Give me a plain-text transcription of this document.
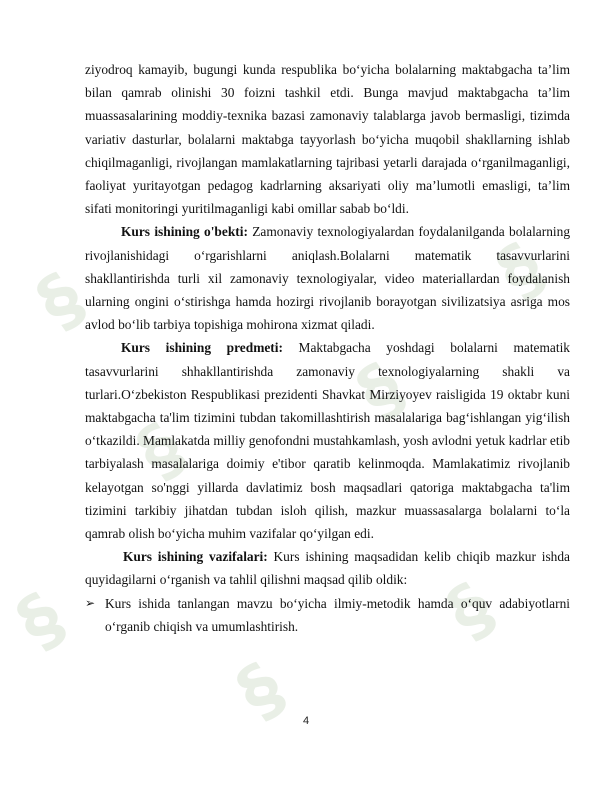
§
§
§
§
§
§
§

ziyodroq kamayib, bugungi kunda respublika bo‘yicha bolalarning maktabgacha ta’lim bilan qamrab olinishi 30 foizni tashkil etdi. Bunga mavjud maktabgacha ta’lim muassasalarining moddiy-texnika bazasi zamonaviy talablarga javob bermasligi, tizimda variativ dasturlar, bolalarni maktabga tayyorlash bo‘yicha muqobil shakllarning ishlab chiqilmaganligi, rivojlangan mamlakatlarning tajribasi yetarli darajada o‘rganilmaganligi, faoliyat yuritayotgan pedagog kadrlarning aksariyati oliy ma’lumotli emasligi, ta’lim sifati monitoringi yuritilmaganligi kabi omillar sabab bo‘ldi.

Kurs ishining o'bekti: Zamonaviy texnologiyalardan foydalanilganda bolalarning rivojlanishidagi o‘rgarishlarni aniqlash.Bolalarni matematik tasavvurlarini shakllantirishda turli xil zamonaviy texnologiyalar, video materiallardan foydalanish ularning ongini o‘stirishga hamda hozirgi rivojlanib borayotgan sivilizatsiya asriga mos avlod bo‘lib tarbiya topishiga mohirona xizmat qiladi.

Kurs ishining predmeti: Maktabgacha yoshdagi bolalarni matematik tasavvurlarini shhakllantirishda zamonaviy texnologiyalarning shakli va turlari.O‘zbekiston Respublikasi prezidenti Shavkat Mirziyoyev raisligida 19 oktabr kuni maktabgacha ta'lim tizimini tubdan takomillashtirish masalalariga bag‘ishlangan yig‘ilish o‘tkazildi. Mamlakatda milliy genofondni mustahkamlash, yosh avlodni yetuk kadrlar etib tarbiyalash masalalariga doimiy e'tibor qaratib kelinmoqda. Mamlakatimiz rivojlanib kelayotgan so'nggi yillarda davlatimiz bosh maqsadlari qatoriga maktabgacha ta'lim tizimini tarkibiy jihatdan tubdan isloh qilish, mazkur muassasalarga bolalarni to‘la qamrab olish bo‘yicha muhim vazifalar qo‘yilgan edi.

Kurs ishining vazifalari: Kurs ishining maqsadidan kelib chiqib mazkur ishda quyidagilarni o‘rganish va tahlil qilishni maqsad qilib oldik:

➢ Kurs ishida tanlangan mavzu bo‘yicha ilmiy-metodik hamda o‘quv adabiyotlarni o‘rganib chiqish va umumlashtirish.
4
